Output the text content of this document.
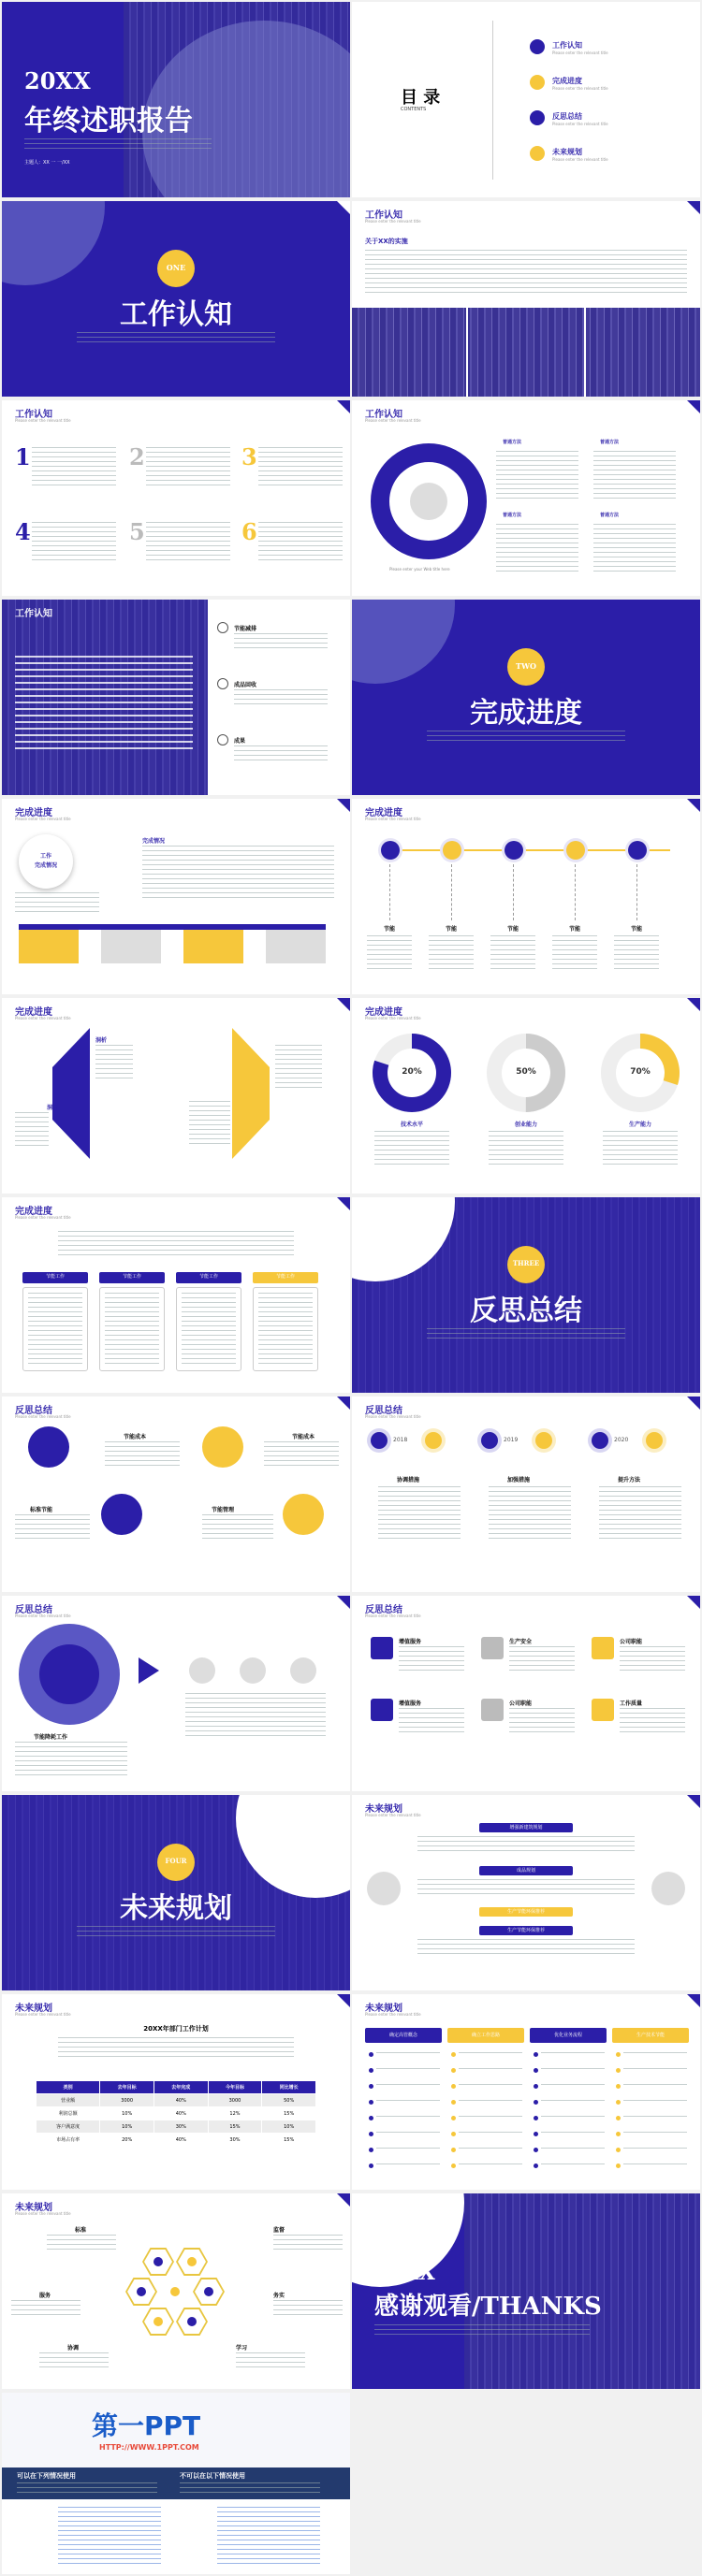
20XX
年终述职报告
主题人：XX 一 一/XX
目 录
CONTENTS
工作认知
Please enter the relevant title
完成进度
Please enter the relevant title
反思总结
Please enter the relevant title
未来规划
Please enter the relevant title
ONE
工作认知
工作认知
Please enter the relevant title
关于XX的实施
工作认知
Please enter the relevant title
1	2	3
4	5	6
工作认知
Please enter the relevant title
Please enter your Web title here
普通方法	普通方法
普通方法	普通方法
工作认知
节能减排
成品回收
成果
TWO
完成进度
完成进度
Please enter the relevant title
工作
完成情况
完成情况
完成进度
Please enter the relevant title
节能	节能	节能	节能	节能
完成进度
Please enter the relevant title
洞析
洞析
完成进度
Please enter the relevant title
20%
技术水平
50%
创业能力
70%
生产能力
完成进度
Please enter the relevant title
节能工作	节能工作	节能工作	节能工作
THREE
反思总结
反思总结
Please enter the relevant title
节能成本
标准节能
节能成本
节能管理
反思总结
Please enter the relevant title
2018
协调措施
2019
加强措施
2020
提升方法
反思总结
Please enter the relevant title
节能降耗工作
反思总结
Please enter the relevant title
增值服务	生产安全	公司职能
增值服务	公司职能	工作质量
FOUR
未来规划
未来规划
Please enter the relevant title
增强新建筑规划
成品规划
生产节能环保推荐
生产节能环保推荐
未来规划
Please enter the relevant title
20XX年部门工作计划
类别	去年目标	去年完成	今年目标	同比增长
营业额	3000	40%	3000	50%
利润总额	10%	40%	12%	15%
客户满意度	10%	30%	15%	10%
市场占有率	20%	40%	30%	15%
未来规划
Please enter the relevant title
确定高管概念	确立工作思路	优化业务流程	生产技术节能
未来规划
Please enter the relevant title
标准	监督
服务	务实
协调	学习
20XX
感谢观看/THANKS
第一PPT
HTTP://WWW.1PPT.COM
可以在下列情况使用	不可以在以下情况使用
